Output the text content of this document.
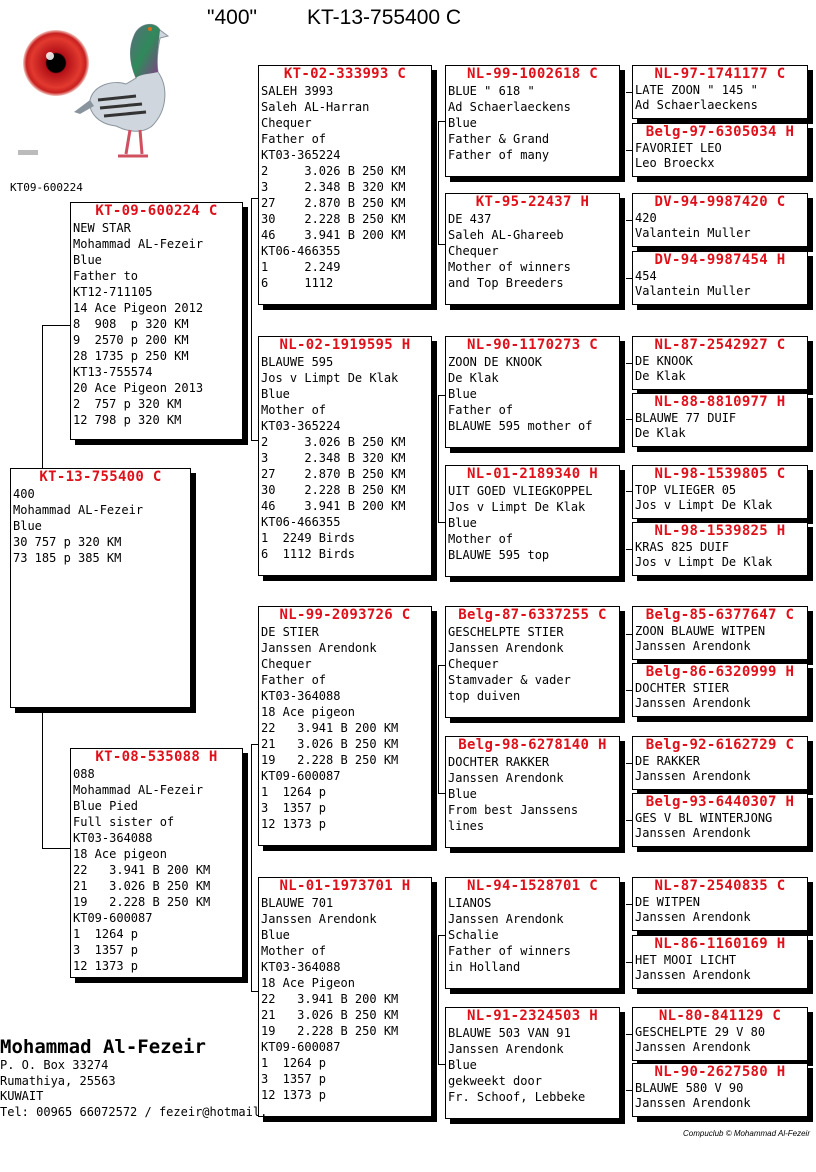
"400" KT-13-755400 C
KT09-600224
KT-13-755400 C
400
Mohammad AL-Fezeir
Blue
30 757 p 320 KM
73 185 p 385 KM
KT-09-600224 C
NEW STAR
Mohammad AL-Fezeir
Blue
Father to
KT12-711105
14 Ace Pigeon 2012
8  908  p 320 KM
9  2570 p 200 KM
28 1735 p 250 KM
KT13-755574
20 Ace Pigeon 2013
2  757 p 320 KM
12 798 p 320 KM
KT-08-535088 H
088
Mohammad AL-Fezeir
Blue Pied
Full sister of
KT03-364088
18 Ace pigeon
22   3.941 B 200 KM
21   3.026 B 250 KM
19   2.228 B 250 KM
KT09-600087
1  1264 p
3  1357 p
12 1373 p
KT-02-333993 C
SALEH 3993
Saleh AL-Harran
Chequer
Father of
KT03-365224
2     3.026 B 250 KM
3     2.348 B 320 KM
27    2.870 B 250 KM
30    2.228 B 250 KM
46    3.941 B 200 KM
KT06-466355
1     2.249
6     1112
NL-02-1919595 H
BLAUWE 595
Jos v Limpt De Klak
Blue
Mother of
KT03-365224
2     3.026 B 250 KM
3     2.348 B 320 KM
27    2.870 B 250 KM
30    2.228 B 250 KM
46    3.941 B 200 KM
KT06-466355
1  2249 Birds
6  1112 Birds
NL-99-2093726 C
DE STIER
Janssen Arendonk
Chequer
Father of
KT03-364088
18 Ace pigeon
22   3.941 B 200 KM
21   3.026 B 250 KM
19   2.228 B 250 KM
KT09-600087
1  1264 p
3  1357 p
12 1373 p
NL-01-1973701 H
BLAUWE 701
Janssen Arendonk
Blue
Mother of
KT03-364088
18 Ace Pigeon
22   3.941 B 200 KM
21   3.026 B 250 KM
19   2.228 B 250 KM
KT09-600087
1  1264 p
3  1357 p
12 1373 p
NL-99-1002618 C
BLUE " 618 "
Ad Schaerlaeckens
Blue
Father & Grand
Father of many
KT-95-22437 H
DE 437
Saleh AL-Ghareeb
Chequer
Mother of winners
and Top Breeders
NL-90-1170273 C
ZOON DE KNOOK
De Klak
Blue
Father of
BLAUWE 595 mother of
NL-01-2189340 H
UIT GOED VLIEGKOPPEL
Jos v Limpt De Klak
Blue
Mother of
BLAUWE 595 top
Belg-87-6337255 C
GESCHELPTE STIER
Janssen Arendonk
Chequer
Stamvader & vader
top duiven
Belg-98-6278140 H
DOCHTER RAKKER
Janssen Arendonk
Blue
From best Janssens
lines
NL-94-1528701 C
LIANOS
Janssen Arendonk
Schalie
Father of winners
in Holland
NL-91-2324503 H
BLAUWE 503 VAN 91
Janssen Arendonk
Blue
gekweekt door
Fr. Schoof, Lebbeke
NL-97-1741177 C
LATE ZOON " 145 "
Ad Schaerlaeckens
Belg-97-6305034 H
FAVORIET LEO
Leo Broeckx
DV-94-9987420 C
420
Valantein Muller
DV-94-9987454 H
454
Valantein Muller
NL-87-2542927 C
DE KNOOK
De Klak
NL-88-8810977 H
BLAUWE 77 DUIF
De Klak
NL-98-1539805 C
TOP VLIEGER 05
Jos v Limpt De Klak
NL-98-1539825 H
KRAS 825 DUIF
Jos v Limpt De Klak
Belg-85-6377647 C
ZOON BLAUWE WITPEN
Janssen Arendonk
Belg-86-6320999 H
DOCHTER STIER
Janssen Arendonk
Belg-92-6162729 C
DE RAKKER
Janssen Arendonk
Belg-93-6440307 H
GES V BL WINTERJONG
Janssen Arendonk
NL-87-2540835 C
DE WITPEN
Janssen Arendonk
NL-86-1160169 H
HET MOOI LICHT
Janssen Arendonk
NL-80-841129 C
GESCHELPTE 29 V 80
Janssen Arendonk
NL-90-2627580 H
BLAUWE 580 V 90
Janssen Arendonk
Mohammad Al-Fezeir
P. O. Box 33274
Rumathiya, 25563
KUWAIT
Tel: 00965 66072572 / fezeir@hotmail.
Compuclub © Mohammad Al-Fezeir
